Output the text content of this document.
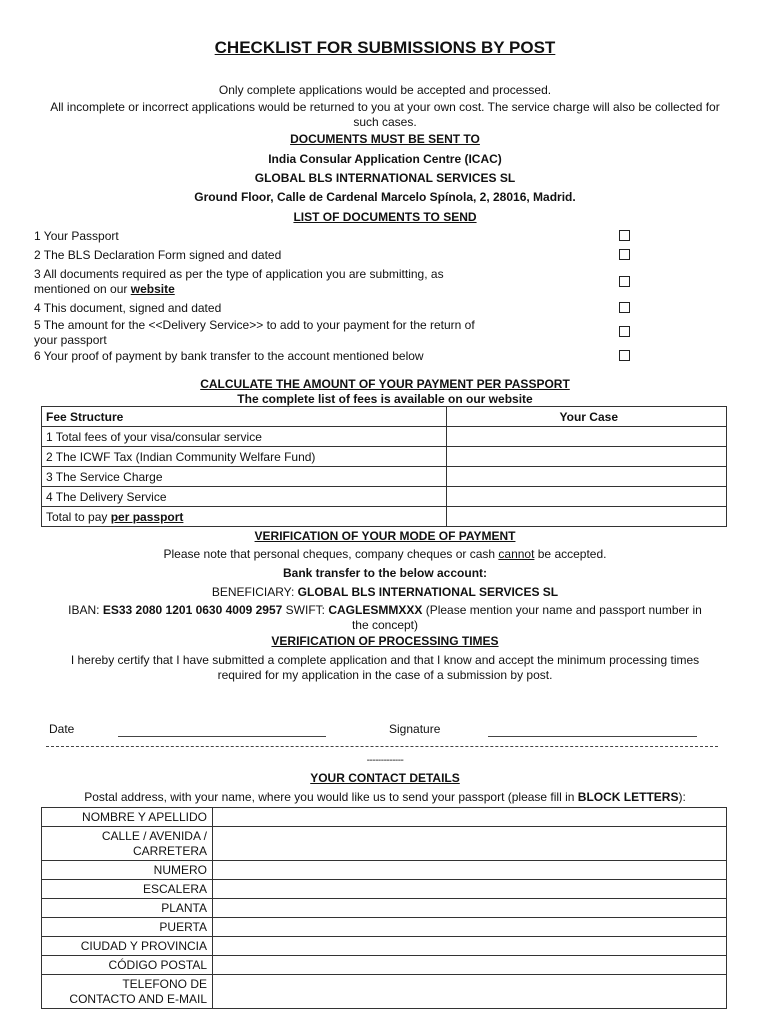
CHECKLIST FOR SUBMISSIONS BY POST
Only complete applications would be accepted and processed.
All incomplete or incorrect applications would be returned to you at your own cost. The service charge will also be collected for
such cases.
DOCUMENTS MUST BE SENT TO
India Consular Application Centre (ICAC)
GLOBAL BLS INTERNATIONAL SERVICES SL
Ground Floor, Calle de Cardenal Marcelo Spínola, 2, 28016, Madrid.
LIST OF DOCUMENTS TO SEND
1 Your Passport
2 The BLS Declaration Form signed and dated
3 All documents required as per the type of application you are submitting, as
mentioned on our website
4 This document, signed and dated
5 The amount for the <<Delivery Service>> to add to your payment for the return of
your passport
6 Your proof of payment by bank transfer to the account mentioned below
CALCULATE THE AMOUNT OF YOUR PAYMENT PER PASSPORT
The complete list of fees is available on our website
Fee Structure	Your Case
1 Total fees of your visa/consular service	
2 The ICWF Tax (Indian Community Welfare Fund)	
3 The Service Charge	
4 The Delivery Service	
Total to pay per passport	
VERIFICATION OF YOUR MODE OF PAYMENT
Please note that personal cheques, company cheques or cash cannot be accepted.
Bank transfer to the below account:
BENEFICIARY: GLOBAL BLS INTERNATIONAL SERVICES SL
IBAN: ES33 2080 1201 0630 4009 2957 SWIFT: CAGLESMMXXX (Please mention your name and passport number in
the concept)
VERIFICATION OF PROCESSING TIMES
I hereby certify that I have submitted a complete application and that I know and accept the minimum processing times
required for my application in the case of a submission by post.
Date	Signature
-------------
YOUR CONTACT DETAILS
Postal address, with your name, where you would like us to send your passport (please fill in BLOCK LETTERS):
NOMBRE Y APELLIDO	

CALLE / AVENIDA /
CARRETERA	

NUMERO	
ESCALERA	
PLANTA	
PUERTA	
CIUDAD Y PROVINCIA	
CÓDIGO POSTAL	

TELEFONO DE
CONTACTO AND E-MAIL	
